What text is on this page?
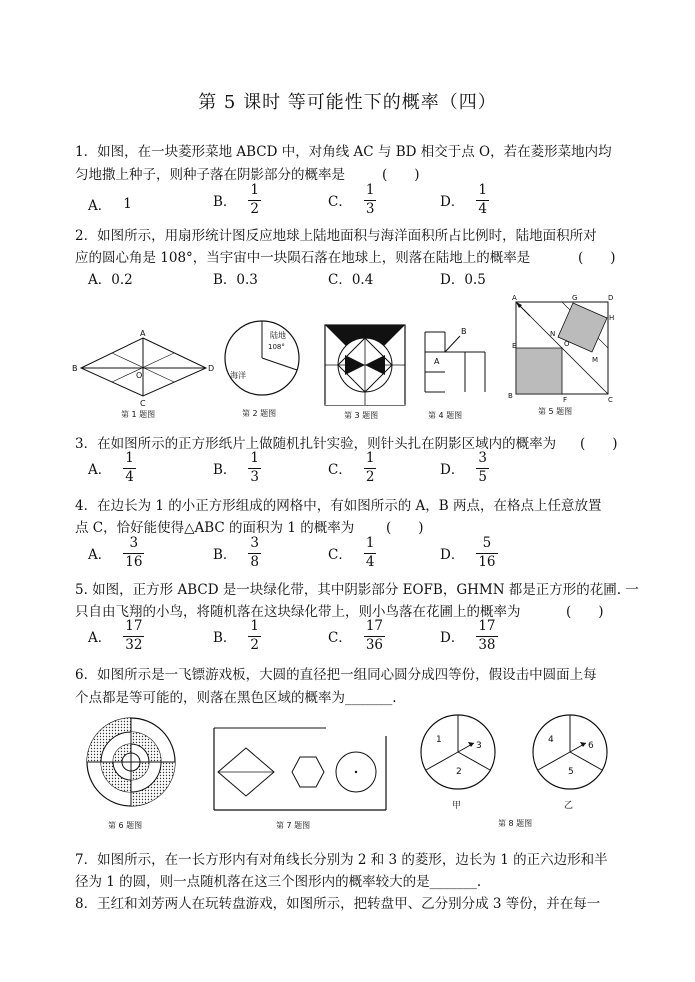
第 5 课时 等可能性下的概率（四）
1．如图，在一块菱形菜地 ABCD 中，对角线 AC 与 BD 相交于点 O，若在菱形菜地内均
匀地撒上种子，则种子落在阴影部分的概率是	(　　)
A． 1	B． $\frac{1}{2}$	C． $\frac{1}{3}$	D． $\frac{1}{4}$
2．如图所示，用扇形统计图反应地球上陆地面积与海洋面积所占比例时，陆地面积所对
应的圆心角是 108°，当宇宙中一块陨石落在地球上，则落在陆地上的概率是	(　　)
A．0.2	B．0.3	C．0.4	D．0.5
A
B
C
D
O
第 1 题图
陆地
108°
海洋
第 2 题图	第 3 题图
A
B
第 4 题图
A
B	C
D
E
F
G
H
M
N
O
第 5 题图
3．在如图所示的正方形纸片上做随机扎针实验，则针头扎在阴影区域内的概率为 (　　)
A． $\frac{1}{4}$	B． $\frac{1}{3}$	C． $\frac{1}{2}$	D． $\frac{3}{5}$
4．在边长为 1 的小正方形组成的网格中，有如图所示的 A，B 两点，在格点上任意放置
点 C，恰好能使得△ABC 的面积为 1 的概率为 (　　)
A． $\frac{3}{16}$	B． $\frac{3}{8}$	C． $\frac{1}{4}$	D． $\frac{5}{16}$
5. 如图，正方形 ABCD 是一块绿化带，其中阴影部分 EOFB，GHMN 都是正方形的花圃. 一
只自由飞翔的小鸟，将随机落在这块绿化带上，则小鸟落在花圃上的概率为	(　　)
A． $\frac{17}{32}$	B． $\frac{1}{2}$	C． $\frac{17}{36}$	D． $\frac{17}{38}$
6．如图所示是一飞镖游戏板，大圆的直径把一组同心圆分成四等份，假设击中圆面上每
个点都是等可能的，则落在黑色区域的概率为_______.
第 6 题图	第 7 题图
1
3
2
甲
4
6
5
乙
第 8 题图
7．如图所示，在一长方形内有对角线长分别为 2 和 3 的菱形，边长为 1 的正六边形和半
径为 1 的圆，则一点随机落在这三个图形内的概率较大的是_______.
8．王红和刘芳两人在玩转盘游戏，如图所示，把转盘甲、乙分别分成 3 等份，并在每一
